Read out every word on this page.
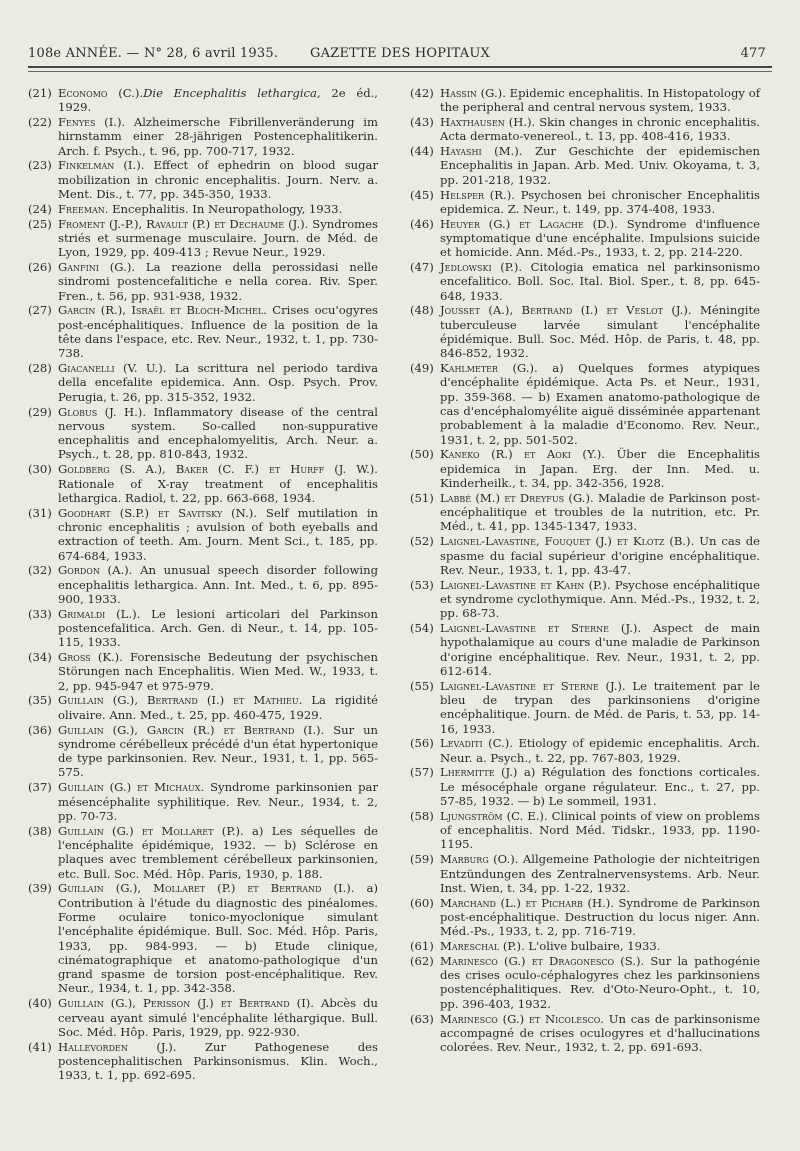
108e ANNÉE. — N° 28, 6 avril 1935.	GAZETTE DES HOPITAUX	477

(21) Economo (C.).Die Encephalitis lethargica, 2e éd., 1929.

(22) Fenyes (I.). Alzheimersche Fibrillenveränderung im hirnstamm einer 28-jährigen Postencephalitikerin. Arch. f. Psych., t. 96, pp. 700-717, 1932.

(23) Finkelman (I.). Effect of ephedrin on blood sugar mobilization in chronic encephalitis. Journ. Nerv. a. Ment. Dis., t. 77, pp. 345-350, 1933.

(24) Freeman. Encephalitis. In Neuropathology, 1933.

(25) Froment (J.-P.), Ravault (P.) et Dechaume (J.). Syndromes striés et surmenage musculaire. Journ. de Méd. de Lyon, 1929, pp. 409-413 ; Revue Neur., 1929.

(26) Ganfini (G.). La reazione della perossidasi nelle sindromi postencefalitiche e nella corea. Riv. Sper. Fren., t. 56, pp. 931-938, 1932.

(27) Garcin (R.), Israël et Bloch-Michel. Crises ocu'ogyres post-encéphalitiques. Influence de la position de la tête dans l'espace, etc. Rev. Neur., 1932, t. 1, pp. 730-738.

(28) Giacanelli (V. U.). La scrittura nel periodo tardiva della encefalite epidemica. Ann. Osp. Psych. Prov. Perugia, t. 26, pp. 315-352, 1932.

(29) Globus (J. H.). Inflammatory disease of the central nervous system. So-called non-suppurative encephalitis and encephalomyelitis, Arch. Neur. a. Psych., t. 28, pp. 810-843, 1932.

(30) Goldberg (S. A.), Baker (C. F.) et Hurff (J. W.). Rationale of X-ray treatment of encephalitis lethargica. Radiol, t. 22, pp. 663-668, 1934.

(31) Goodhart (S.P.) et Savitsky (N.). Self mutilation in chronic encephalitis ; avulsion of both eyeballs and extraction of teeth. Am. Journ. Ment Sci., t. 185, pp. 674-684, 1933.

(32) Gordon (A.). An unusual speech disorder following encephalitis lethargica. Ann. Int. Med., t. 6, pp. 895-900, 1933.

(33) Grimaldi (L.). Le lesioni articolari del Parkinson postencefalitica. Arch. Gen. di Neur., t. 14, pp. 105-115, 1933.

(34) Gross (K.). Forensische Bedeutung der psychischen Störungen nach Encephalitis. Wien Med. W., 1933, t. 2, pp. 945-947 et 975-979.

(35) Guillain (G.), Bertrand (I.) et Mathieu. La rigidité olivaire. Ann. Med., t. 25, pp. 460-475, 1929.

(36) Guillain (G.), Garcin (R.) et Bertrand (I.). Sur un syndrome cérébelleux précédé d'un état hypertonique de type parkinsonien. Rev. Neur., 1931, t. 1, pp. 565-575.

(37) Guillain (G.) et Michaux. Syndrome parkinsonien par mésencéphalite syphilitique. Rev. Neur., 1934, t. 2, pp. 70-73.

(38) Guillain (G.) et Mollaret (P.). a) Les séquelles de l'encéphalite épidémique, 1932. — b) Sclérose en plaques avec tremblement cérébelleux parkinsonien, etc. Bull. Soc. Méd. Hôp. Paris, 1930, p. 188.

(39) Guillain (G.), Mollaret (P.) et Bertrand (I.). a) Contribution à l'étude du diagnostic des pinéalomes. Forme oculaire tonico-myoclonique simulant l'encéphalite épidémique. Bull. Soc. Méd. Hôp. Paris, 1933, pp. 984-993. — b) Etude clinique, cinématographique et anatomo-pathologique d'un grand spasme de torsion post-encéphalitique. Rev. Neur., 1934, t. 1, pp. 342-358.

(40) Guillain (G.), Perisson (J.) et Bertrand (I). Abcès du cerveau ayant simulé l'encéphalite léthargique. Bull. Soc. Méd. Hôp. Paris, 1929, pp. 922-930.

(41) Hallevorden (J.). Zur Pathogenese des postencephalitischen Parkinsonismus. Klin. Woch., 1933, t. 1, pp. 692-695.

(42) Hassin (G.). Epidemic encephalitis. In Histopatology of the peripheral and central nervous system, 1933.

(43) Haxthausen (H.). Skin changes in chronic encephalitis. Acta dermato-venereol., t. 13, pp. 408-416, 1933.

(44) Hayashi (M.). Zur Geschichte der epidemischen Encephalitis in Japan. Arb. Med. Univ. Okoyama, t. 3, pp. 201-218, 1932.

(45) Helsper (R.). Psychosen bei chronischer Encephalitis epidemica. Z. Neur., t. 149, pp. 374-408, 1933.

(46) Heuyer (G.) et Lagache (D.). Syndrome d'influence symptomatique d'une encéphalite. Impulsions suicide et homicide. Ann. Méd.-Ps., 1933, t. 2, pp. 214-220.

(47) Jedlowski (P.). Citologia ematica nel parkinsonismo encefalitico. Boll. Soc. Ital. Biol. Sper., t. 8, pp. 645-648, 1933.

(48) Jousset (A.), Bertrand (I.) et Veslot (J.). Méningite tuberculeuse larvée simulant l'encéphalite épidémique. Bull. Soc. Méd. Hôp. de Paris, t. 48, pp. 846-852, 1932.

(49) Kahlmeter (G.). a) Quelques formes atypiques d'encéphalite épidémique. Acta Ps. et Neur., 1931, pp. 359-368. — b) Examen anatomo-pathologique de cas d'encéphalomyélite aiguë disséminée appartenant probablement à la maladie d'Economo. Rev. Neur., 1931, t. 2, pp. 501-502.

(50) Kaneko (R.) et Aoki (Y.). Über die Encephalitis epidemica in Japan. Erg. der Inn. Med. u. Kinderheilk., t. 34, pp. 342-356, 1928.

(51) Labbé (M.) et Dreyfus (G.). Maladie de Parkinson post-encéphalitique et troubles de la nutrition, etc. Pr. Méd., t. 41, pp. 1345-1347, 1933.

(52) Laignel-Lavastine, Fouquet (J.) et Klotz (B.). Un cas de spasme du facial supérieur d'origine encéphalitique. Rev. Neur., 1933, t. 1, pp. 43-47.

(53) Laignel-Lavastine et Kahn (P.). Psychose encéphalitique et syndrome cyclothymique. Ann. Méd.-Ps., 1932, t. 2, pp. 68-73.

(54) Laignel-Lavastine et Sterne (J.). Aspect de main hypothalamique au cours d'une maladie de Parkinson d'origine encéphalitique. Rev. Neur., 1931, t. 2, pp. 612-614.

(55) Laignel-Lavastine et Sterne (J.). Le traitement par le bleu de trypan des parkinsoniens d'origine encéphalitique. Journ. de Méd. de Paris, t. 53, pp. 14-16, 1933.

(56) Levaditi (C.). Etiology of epidemic encephalitis. Arch. Neur. a. Psych., t. 22, pp. 767-803, 1929.

(57) Lhermitte (J.) a) Régulation des fonctions corticales. Le mésocéphale organe régulateur. Enc., t. 27, pp. 57-85, 1932. — b) Le sommeil, 1931.

(58) Ljungström (C. E.). Clinical points of view on problems of encephalitis. Nord Méd. Tidskr., 1933, pp. 1190-1195.

(59) Marburg (O.). Allgemeine Pathologie der nichteitrigen Entzündungen des Zentralnervensystems. Arb. Neur. Inst. Wien, t. 34, pp. 1-22, 1932.

(60) Marchand (L.) et Picharb (H.). Syndrome de Parkinson post-encéphalitique. Destruction du locus niger. Ann. Méd.-Ps., 1933, t. 2, pp. 716-719.

(61) Mareschal (P.). L'olive bulbaire, 1933.

(62) Marinesco (G.) et Dragonesco (S.). Sur la pathogénie des crises oculo-céphalogyres chez les parkinsoniens postencéphalitiques. Rev. d'Oto-Neuro-Opht., t. 10, pp. 396-403, 1932.

(63) Marinesco (G.) et Nicolesco. Un cas de parkinsonisme accompagné de crises oculogyres et d'hallucinations colorées. Rev. Neur., 1932, t. 2, pp. 691-693.
